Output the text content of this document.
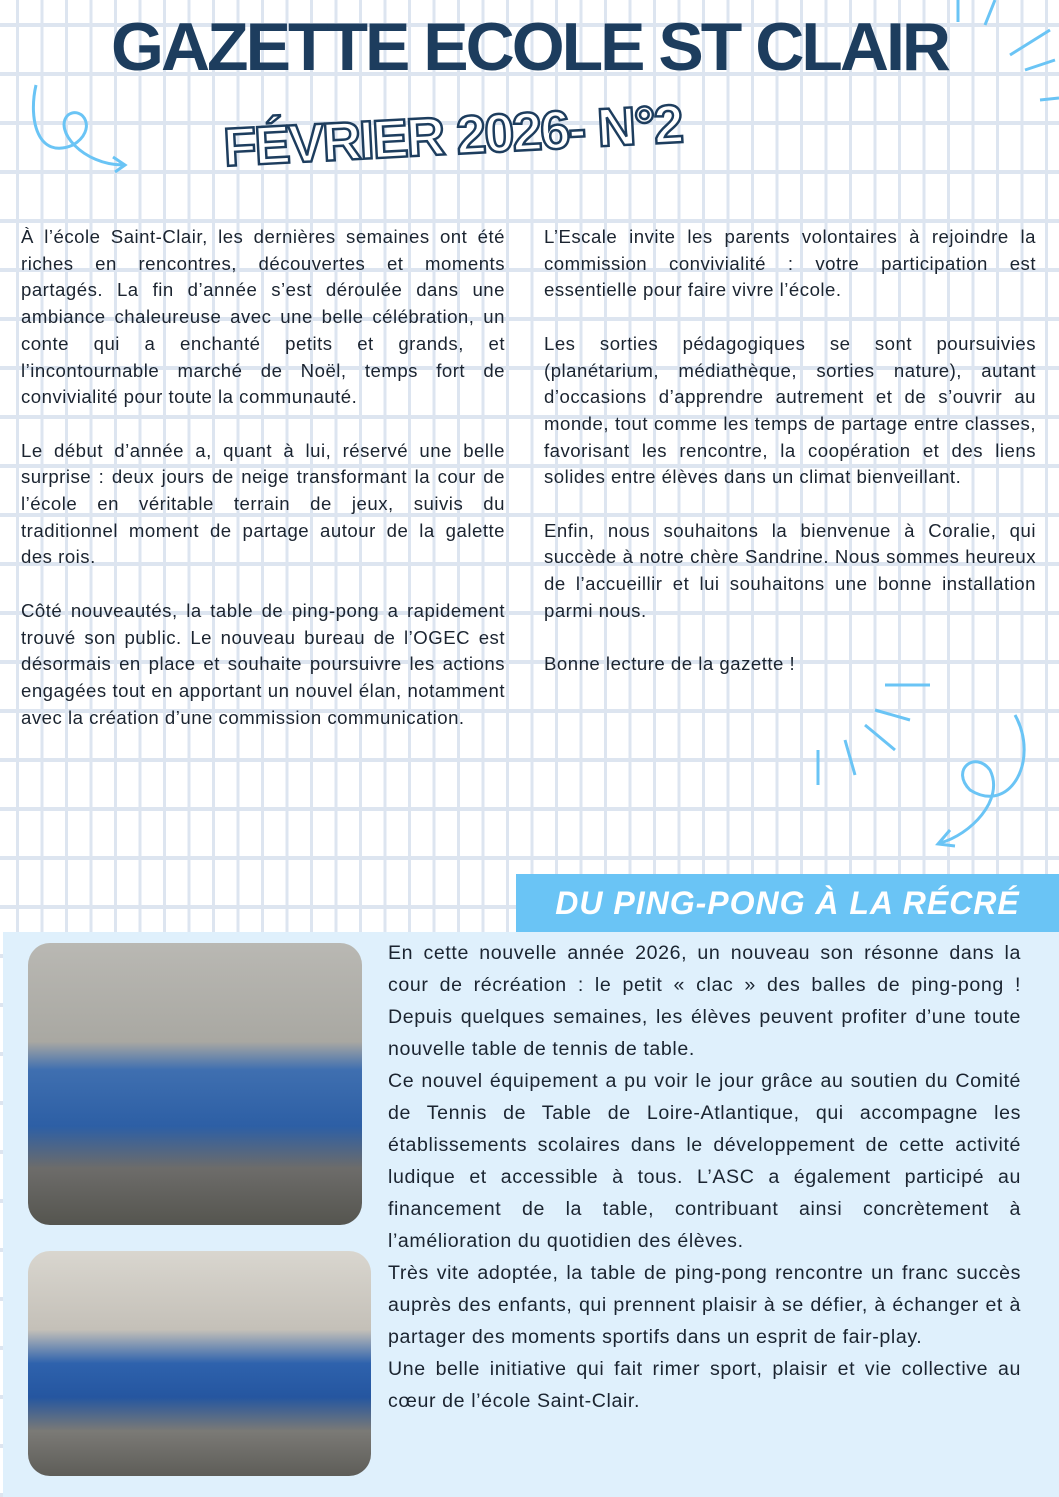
GAZETTE ECOLE ST CLAIR
FÉVRIER 2026- N°2

À l’école Saint-Clair, les dernières semaines ont été riches en rencontres, découvertes et moments partagés. La fin d’année s’est déroulée dans une ambiance chaleureuse avec une belle célébration, un conte qui a enchanté petits et grands, et l’incontournable marché de Noël, temps fort de convivialité pour toute la communauté.

Le début d’année a, quant à lui, réservé une belle surprise : deux jours de neige transformant la cour de l’école en véritable terrain de jeux, suivis du traditionnel moment de partage autour de la galette des rois.

Côté nouveautés, la table de ping-pong a rapidement trouvé son public. Le nouveau bureau de l’OGEC est désormais en place et souhaite poursuivre les actions engagées tout en apportant un nouvel élan, notamment avec la création d’une commission communication.

L’Escale invite les parents volontaires à rejoindre la commission convivialité : votre participation est essentielle pour faire vivre l’école.

Les sorties pédagogiques se sont poursuivies (planétarium, médiathèque, sorties nature), autant d’occasions d’apprendre autrement et de s’ouvrir au monde, tout comme les temps de partage entre classes, favorisant les rencontre, la coopération et des liens solides entre élèves dans un climat bienveillant.

Enfin, nous souhaitons la bienvenue à Coralie, qui succède à notre chère Sandrine. Nous sommes heureux de l’accueillir et lui souhaitons une bonne installation parmi nous.

Bonne lecture de la gazette !

DU PING-PONG À LA RÉCRÉ

En cette nouvelle année 2026, un nouveau son résonne dans la cour de récréation : le petit « clac » des balles de ping-pong ! Depuis quelques semaines, les élèves peuvent profiter d’une toute nouvelle table de tennis de table.

Ce nouvel équipement a pu voir le jour grâce au soutien du Comité de Tennis de Table de Loire-Atlantique, qui accompagne les établissements scolaires dans le développement de cette activité ludique et accessible à tous. L’ASC a également participé au financement de la table, contribuant ainsi concrètement à l’amélioration du quotidien des élèves.

Très vite adoptée, la table de ping-pong rencontre un franc succès auprès des enfants, qui prennent plaisir à se défier, à échanger et à partager des moments sportifs dans un esprit de fair-play.

Une belle initiative qui fait rimer sport, plaisir et vie collective au cœur de l’école Saint-Clair.
